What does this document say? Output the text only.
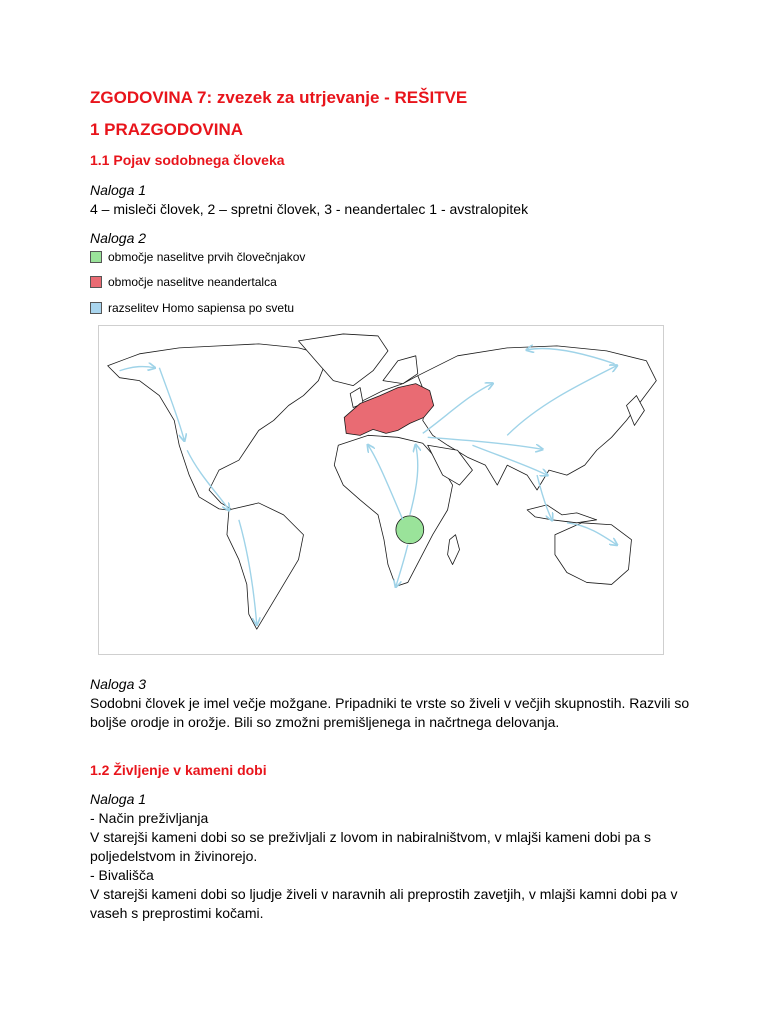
ZGODOVINA 7: zvezek za utrjevanje - REŠITVE
1 PRAZGODOVINA
1.1 Pojav sodobnega človeka
Naloga 1
4 – misleči človek, 2 – spretni človek, 3 - neandertalec 1 - avstralopitek
Naloga 2
območje naselitve prvih človečnjakov
območje naselitve neandertalca
razselitev Homo sapiensa po svetu
Naloga 3
Sodobni človek je imel večje možgane. Pripadniki te vrste so živeli v večjih skupnostih. Razvili so boljše orodje in orožje. Bili so zmožni premišljenega in načrtnega delovanja.
1.2 Življenje v kameni dobi
Naloga 1
- Način preživljanja
V starejši kameni dobi so se preživljali z lovom in nabiralništvom, v mlajši kameni dobi pa s poljedelstvom in živinorejo.
- Bivališča
V starejši kameni dobi so ljudje živeli v naravnih ali preprostih zavetjih, v mlajši kamni dobi pa v vaseh s preprostimi kočami.
